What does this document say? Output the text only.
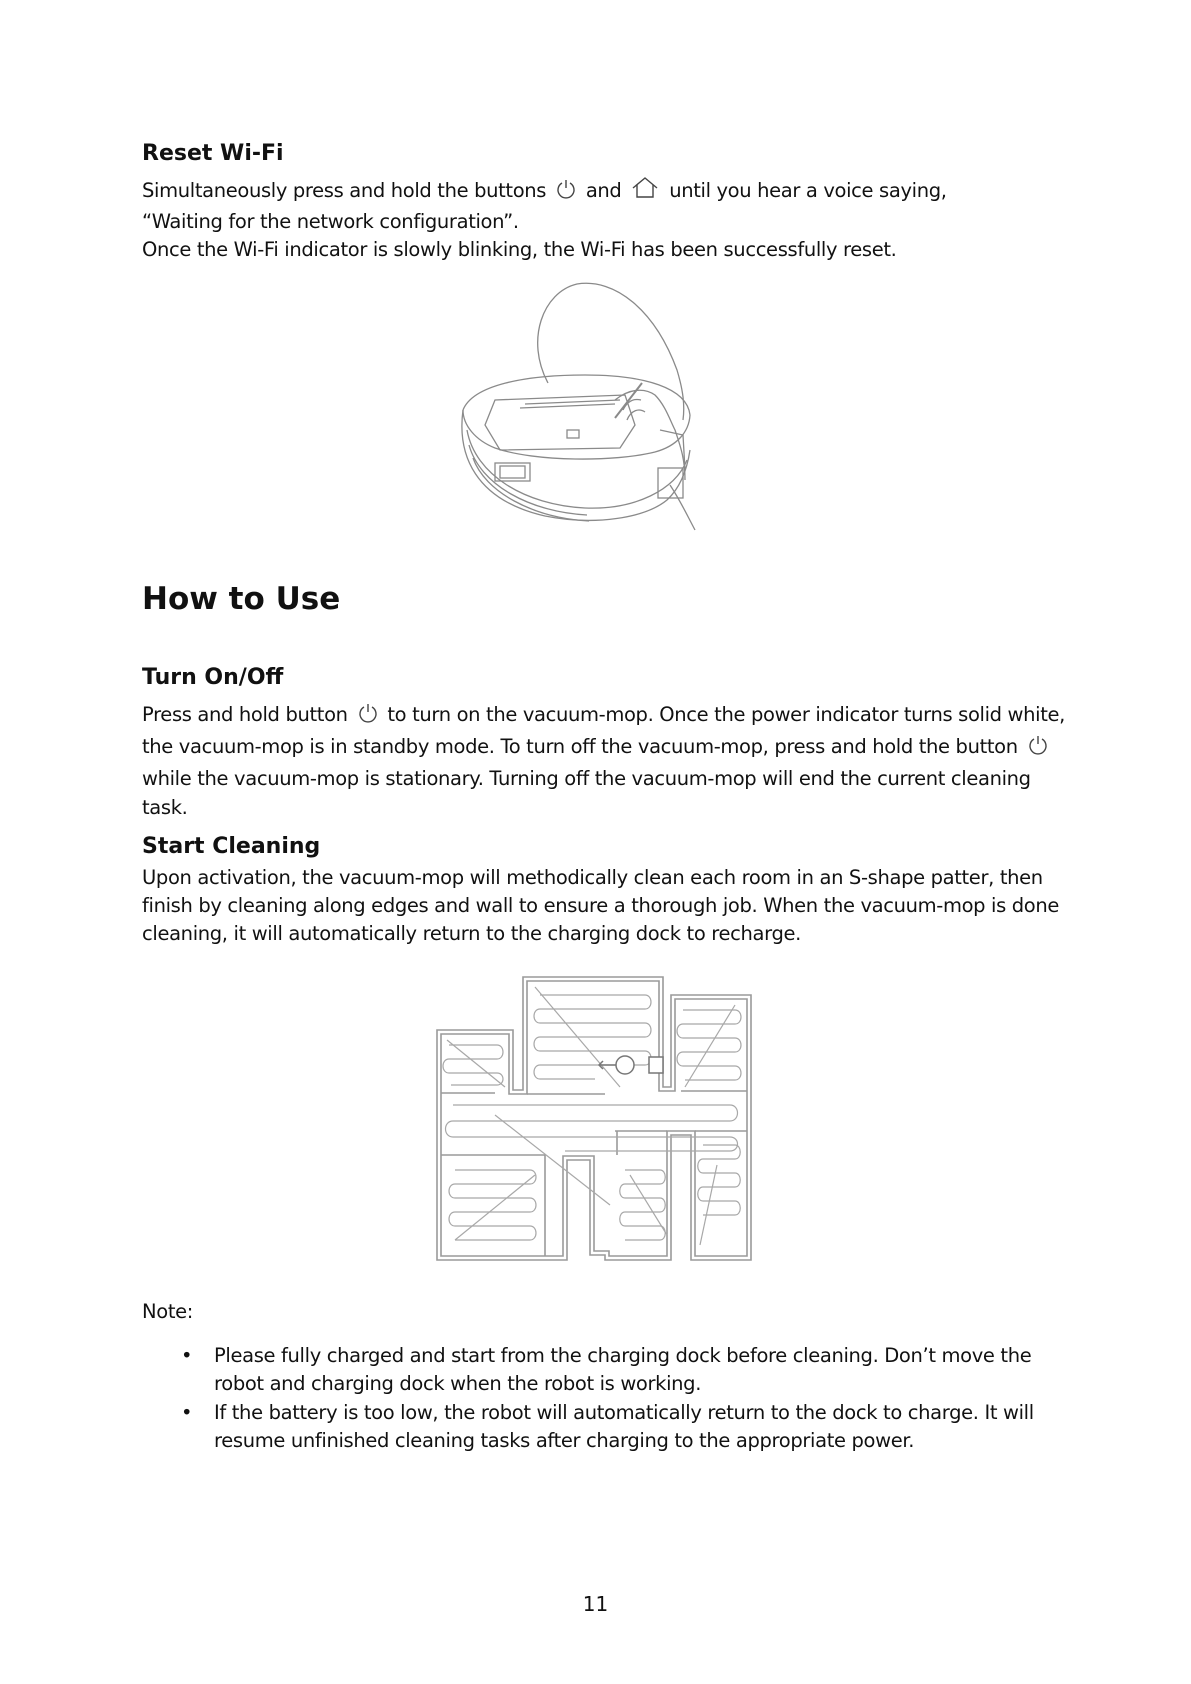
Reset Wi-Fi
Simultaneously press and hold the buttons and until you hear a voice saying,
“Waiting for the network configuration”.
Once the Wi-Fi indicator is slowly blinking, the Wi-Fi has been successfully reset.
How to Use
Turn On/Off
Press and hold button to turn on the vacuum-mop. Once the power indicator turns solid white, the vacuum-mop is in standby mode. To turn off the vacuum-mop, press and hold the button  while the vacuum-mop is stationary. Turning off the vacuum-mop will end the current cleaning task.
Start Cleaning
Upon activation, the vacuum-mop will methodically clean each room in an S-shape patter, then finish by cleaning along edges and wall to ensure a thorough job. When the vacuum-mop is done cleaning, it will automatically return to the charging dock to recharge.
Note:
• Please fully charged and start from the charging dock before cleaning. Don’t move the robot and charging dock when the robot is working.
• If the battery is too low, the robot will automatically return to the dock to charge. It will resume unfinished cleaning tasks after charging to the appropriate power.
11
